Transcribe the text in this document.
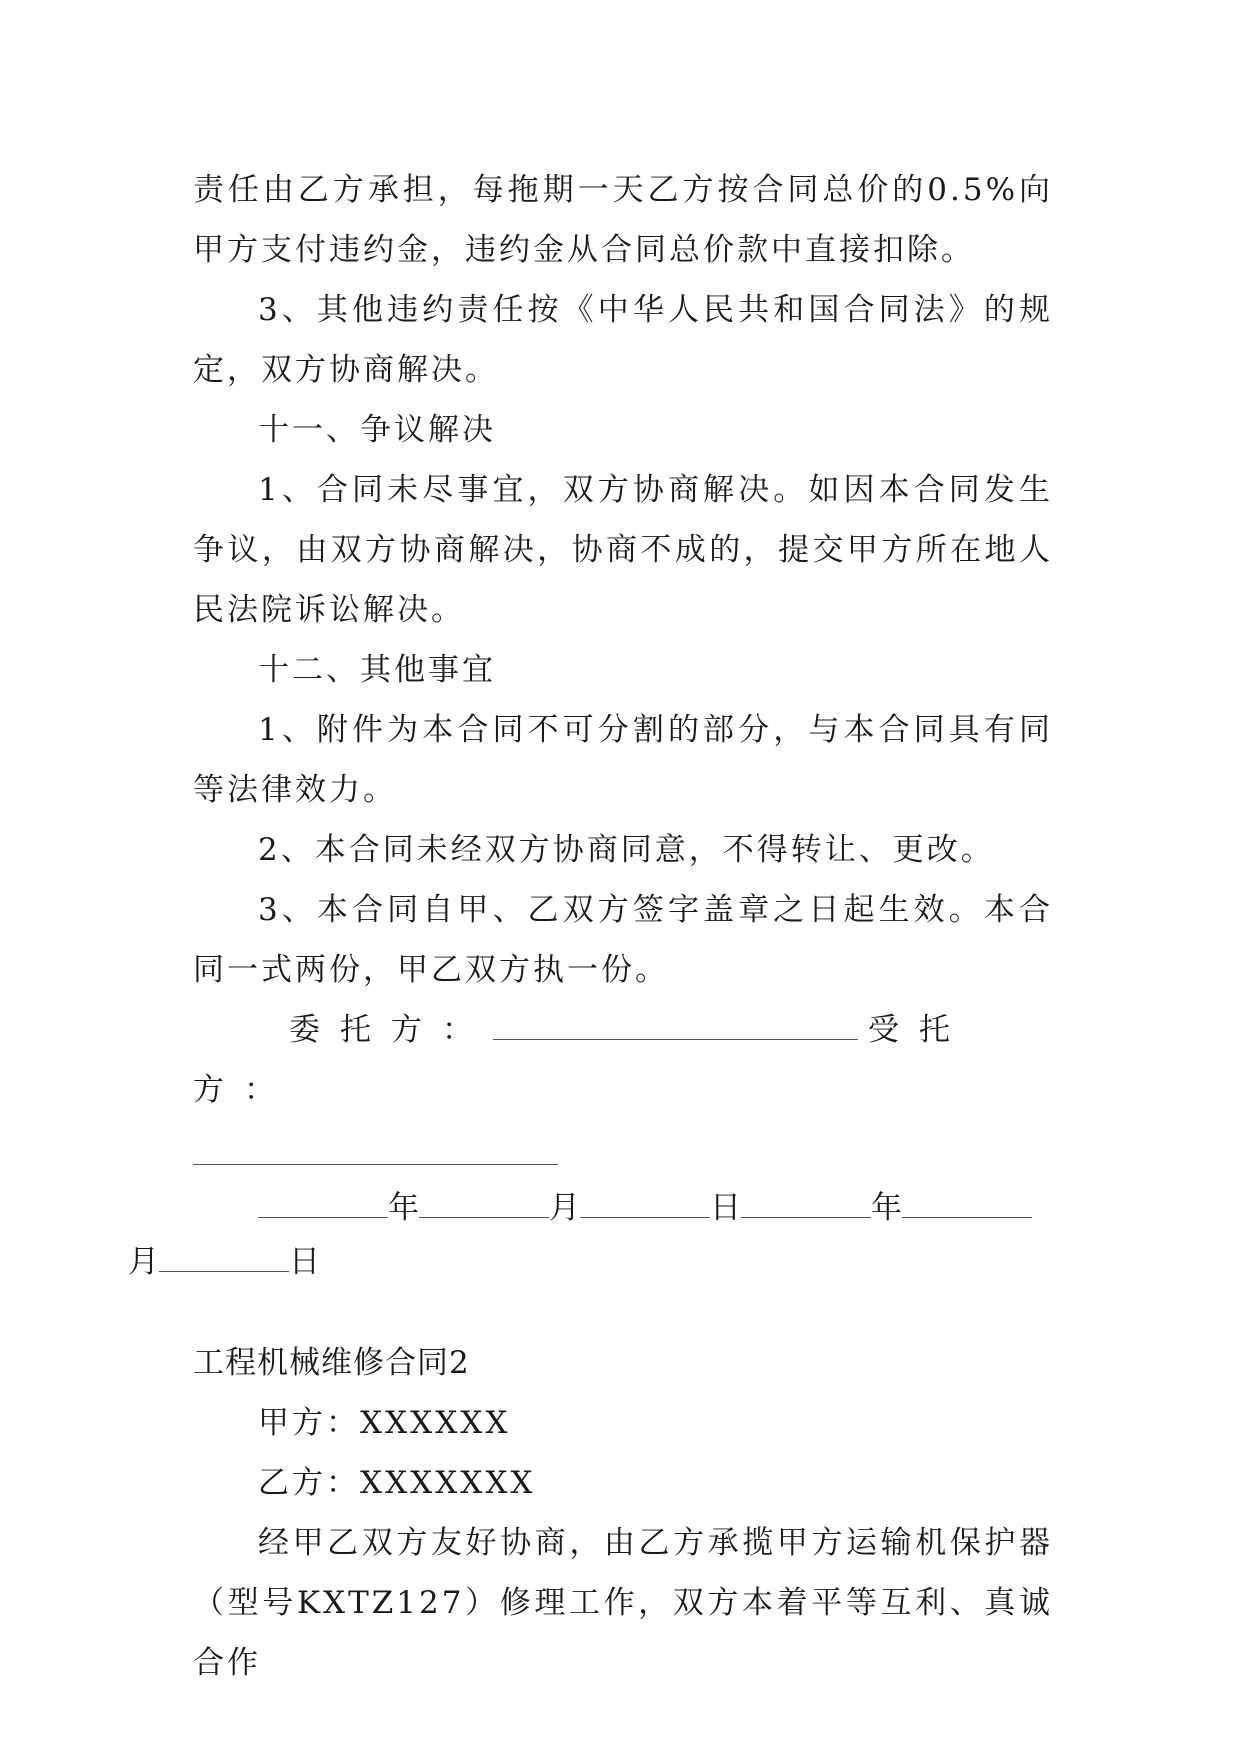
责任由乙方承担，每拖期一天乙方按合同总价的0.5%向甲方支付违约金，违约金从合同总价款中直接扣除。

3、其他违约责任按《中华人民共和国合同法》的规定，双方协商解决。

十一、争议解决

1、合同未尽事宜，双方协商解决。如因本合同发生争议，由双方协商解决，协商不成的，提交甲方所在地人民法院诉讼解决。

十二、其他事宜

1、附件为本合同不可分割的部分，与本合同具有同等法律效力。

2、本合同未经双方协商同意，不得转让、更改。

3、本合同自甲、乙双方签字盖章之日起生效。本合同一式两份，甲乙双方执一份。

委托方：	受托方：

年	月	日	年
月	日

工程机械维修合同2

甲方：XXXXXX

乙方：XXXXXXX

经甲乙双方友好协商，由乙方承揽甲方运输机保护器（型号KXTZ127）修理工作，双方本着平等互利、真诚合作
